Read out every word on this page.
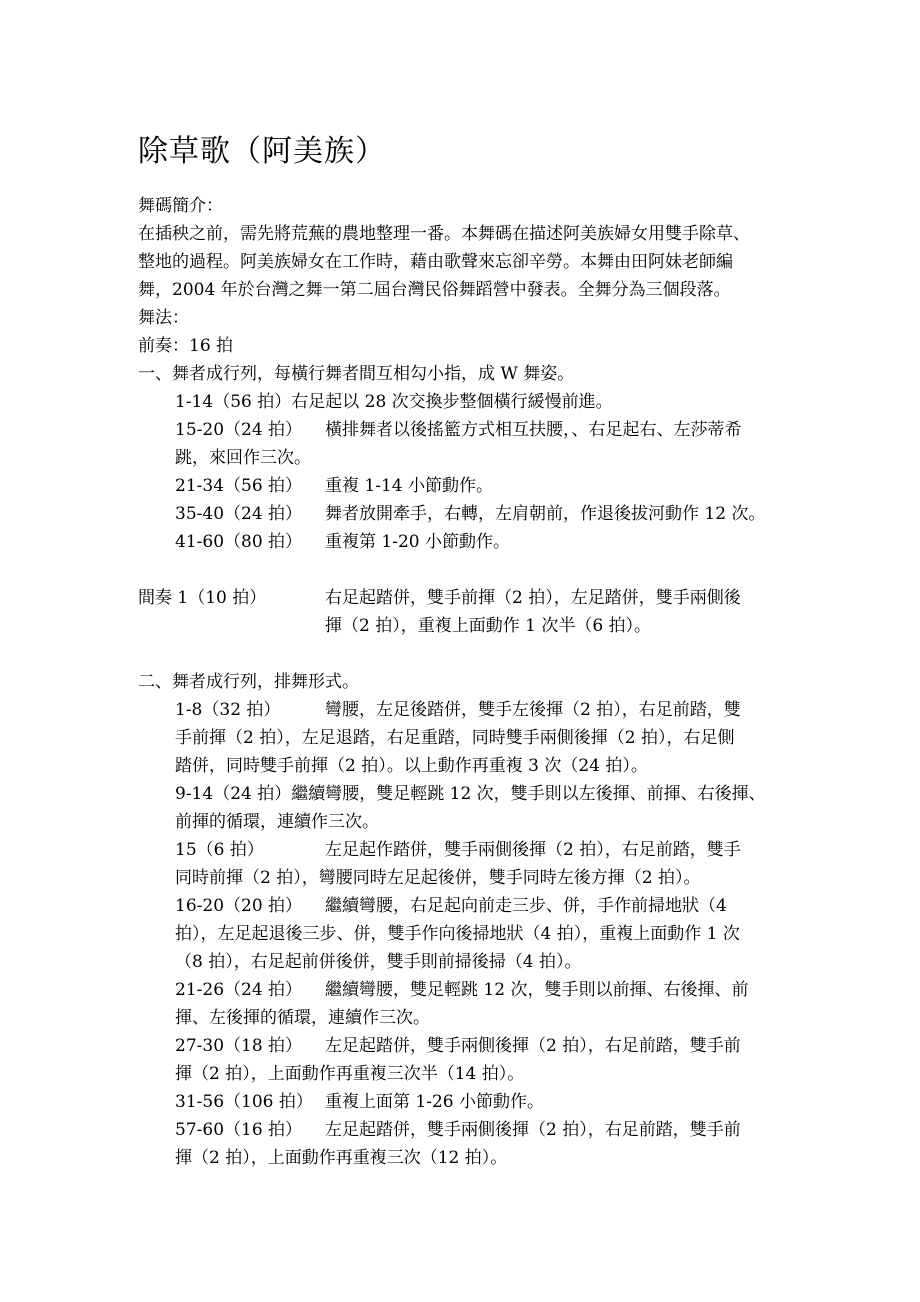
除草歌（阿美族）
舞碼簡介：
在插秧之前，需先將荒蕪的農地整理一番。本舞碼在描述阿美族婦女用雙手除草、
整地的過程。阿美族婦女在工作時，藉由歌聲來忘卻辛勞。本舞由田阿妹老師編
舞，2004 年於台灣之舞一第二屆台灣民俗舞蹈營中發表。全舞分為三個段落。
舞法：
前奏：16 拍
一、舞者成行列，每橫行舞者間互相勾小指，成 W 舞姿。
1-14（56 拍）右足起以 28 次交換步整個橫行緩慢前進。
15-20（24 拍） 橫排舞者以後搖籃方式相互扶腰，、右足起右、左莎蒂希
跳，來回作三次。
21-34（56 拍） 重複 1-14 小節動作。
35-40（24 拍） 舞者放開牽手，右轉，左肩朝前，作退後拔河動作 12 次。
41-60（80 拍） 重複第 1-20 小節動作。
間奏 1（10 拍）	右足起踏併，雙手前揮（2 拍），左足踏併，雙手兩側後
揮（2 拍），重複上面動作 1 次半（6 拍）。
二、舞者成行列，排舞形式。
1-8（32 拍）	彎腰，左足後踏併，雙手左後揮（2 拍），右足前踏，雙
手前揮（2 拍），左足退踏，右足重踏，同時雙手兩側後揮（2 拍），右足側
踏併，同時雙手前揮（2 拍）。以上動作再重複 3 次（24 拍）。
9-14（24 拍）繼續彎腰，雙足輕跳 12 次，雙手則以左後揮、前揮、右後揮、
前揮的循環，連續作三次。
15（6 拍）	左足起作踏併，雙手兩側後揮（2 拍），右足前踏，雙手
同時前揮（2 拍），彎腰同時左足起後併，雙手同時左後方揮（2 拍）。
16-20（20 拍） 繼續彎腰，右足起向前走三步、併，手作前掃地狀（4
拍），左足起退後三步、併，雙手作向後掃地狀（4 拍），重複上面動作 1 次
（8 拍），右足起前併後併，雙手則前掃後掃（4 拍）。
21-26（24 拍） 繼續彎腰，雙足輕跳 12 次，雙手則以前揮、右後揮、前
揮、左後揮的循環，連續作三次。
27-30（18 拍） 左足起踏併，雙手兩側後揮（2 拍），右足前踏，雙手前
揮（2 拍），上面動作再重複三次半（14 拍）。
31-56（106 拍） 重複上面第 1-26 小節動作。
57-60（16 拍） 左足起踏併，雙手兩側後揮（2 拍），右足前踏，雙手前
揮（2 拍），上面動作再重複三次（12 拍）。
